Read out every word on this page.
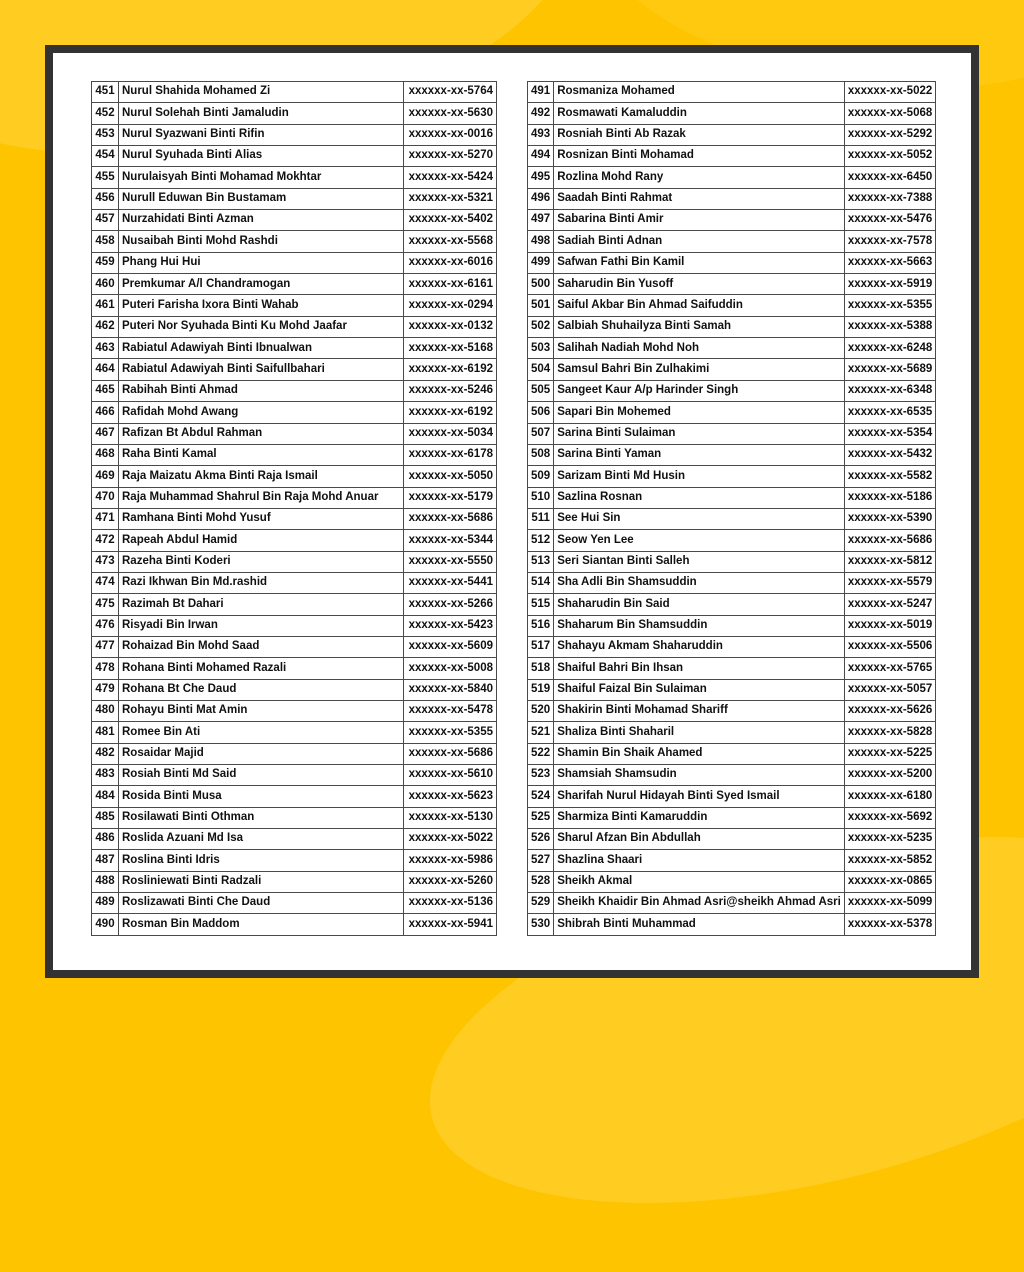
451	Nurul Shahida Mohamed Zi	xxxxxx-xx-5764
452	Nurul Solehah Binti Jamaludin	xxxxxx-xx-5630
453	Nurul Syazwani Binti Rifin	xxxxxx-xx-0016
454	Nurul Syuhada Binti Alias	xxxxxx-xx-5270
455	Nurulaisyah Binti Mohamad Mokhtar	xxxxxx-xx-5424
456	Nurull Eduwan Bin Bustamam	xxxxxx-xx-5321
457	Nurzahidati Binti Azman	xxxxxx-xx-5402
458	Nusaibah Binti Mohd Rashdi	xxxxxx-xx-5568
459	Phang Hui Hui	xxxxxx-xx-6016
460	Premkumar A/l Chandramogan	xxxxxx-xx-6161
461	Puteri Farisha Ixora Binti Wahab	xxxxxx-xx-0294
462	Puteri Nor Syuhada Binti Ku Mohd Jaafar	xxxxxx-xx-0132
463	Rabiatul Adawiyah Binti Ibnualwan	xxxxxx-xx-5168
464	Rabiatul Adawiyah Binti Saifullbahari	xxxxxx-xx-6192
465	Rabihah Binti Ahmad	xxxxxx-xx-5246
466	Rafidah Mohd Awang	xxxxxx-xx-6192
467	Rafizan Bt Abdul Rahman	xxxxxx-xx-5034
468	Raha Binti Kamal	xxxxxx-xx-6178
469	Raja Maizatu Akma Binti Raja Ismail	xxxxxx-xx-5050
470	Raja Muhammad Shahrul Bin Raja Mohd Anuar	xxxxxx-xx-5179
471	Ramhana Binti Mohd Yusuf	xxxxxx-xx-5686
472	Rapeah Abdul Hamid	xxxxxx-xx-5344
473	Razeha Binti Koderi	xxxxxx-xx-5550
474	Razi Ikhwan Bin Md.rashid	xxxxxx-xx-5441
475	Razimah Bt Dahari	xxxxxx-xx-5266
476	Risyadi Bin Irwan	xxxxxx-xx-5423
477	Rohaizad Bin Mohd Saad	xxxxxx-xx-5609
478	Rohana Binti Mohamed Razali	xxxxxx-xx-5008
479	Rohana Bt Che Daud	xxxxxx-xx-5840
480	Rohayu Binti Mat Amin	xxxxxx-xx-5478
481	Romee Bin Ati	xxxxxx-xx-5355
482	Rosaidar Majid	xxxxxx-xx-5686
483	Rosiah Binti Md Said	xxxxxx-xx-5610
484	Rosida Binti Musa	xxxxxx-xx-5623
485	Rosilawati Binti Othman	xxxxxx-xx-5130
486	Roslida Azuani Md Isa	xxxxxx-xx-5022
487	Roslina Binti Idris	xxxxxx-xx-5986
488	Rosliniewati Binti Radzali	xxxxxx-xx-5260
489	Roslizawati Binti Che Daud	xxxxxx-xx-5136
490	Rosman Bin Maddom	xxxxxx-xx-5941
491	Rosmaniza Mohamed	xxxxxx-xx-5022
492	Rosmawati Kamaluddin	xxxxxx-xx-5068
493	Rosniah Binti Ab Razak	xxxxxx-xx-5292
494	Rosnizan Binti Mohamad	xxxxxx-xx-5052
495	Rozlina Mohd Rany	xxxxxx-xx-6450
496	Saadah Binti Rahmat	xxxxxx-xx-7388
497	Sabarina Binti Amir	xxxxxx-xx-5476
498	Sadiah Binti Adnan	xxxxxx-xx-7578
499	Safwan Fathi Bin Kamil	xxxxxx-xx-5663
500	Saharudin Bin Yusoff	xxxxxx-xx-5919
501	Saiful Akbar Bin Ahmad Saifuddin	xxxxxx-xx-5355
502	Salbiah Shuhailyza Binti Samah	xxxxxx-xx-5388
503	Salihah Nadiah Mohd Noh	xxxxxx-xx-6248
504	Samsul Bahri Bin Zulhakimi	xxxxxx-xx-5689
505	Sangeet Kaur A/p Harinder Singh	xxxxxx-xx-6348
506	Sapari Bin Mohemed	xxxxxx-xx-6535
507	Sarina Binti Sulaiman	xxxxxx-xx-5354
508	Sarina Binti Yaman	xxxxxx-xx-5432
509	Sarizam Binti Md Husin	xxxxxx-xx-5582
510	Sazlina Rosnan	xxxxxx-xx-5186
511	See Hui Sin	xxxxxx-xx-5390
512	Seow Yen Lee	xxxxxx-xx-5686
513	Seri Siantan Binti Salleh	xxxxxx-xx-5812
514	Sha Adli Bin Shamsuddin	xxxxxx-xx-5579
515	Shaharudin Bin Said	xxxxxx-xx-5247
516	Shaharum Bin Shamsuddin	xxxxxx-xx-5019
517	Shahayu Akmam Shaharuddin	xxxxxx-xx-5506
518	Shaiful Bahri Bin Ihsan	xxxxxx-xx-5765
519	Shaiful Faizal Bin Sulaiman	xxxxxx-xx-5057
520	Shakirin Binti Mohamad Shariff	xxxxxx-xx-5626
521	Shaliza Binti Shaharil	xxxxxx-xx-5828
522	Shamin Bin Shaik Ahamed	xxxxxx-xx-5225
523	Shamsiah Shamsudin	xxxxxx-xx-5200
524	Sharifah Nurul Hidayah Binti Syed Ismail	xxxxxx-xx-6180
525	Sharmiza Binti Kamaruddin	xxxxxx-xx-5692
526	Sharul Afzan Bin Abdullah	xxxxxx-xx-5235
527	Shazlina Shaari	xxxxxx-xx-5852
528	Sheikh Akmal	xxxxxx-xx-0865
529	Sheikh Khaidir Bin Ahmad Asri@sheikh Ahmad Asri	xxxxxx-xx-5099
530	Shibrah Binti Muhammad	xxxxxx-xx-5378
